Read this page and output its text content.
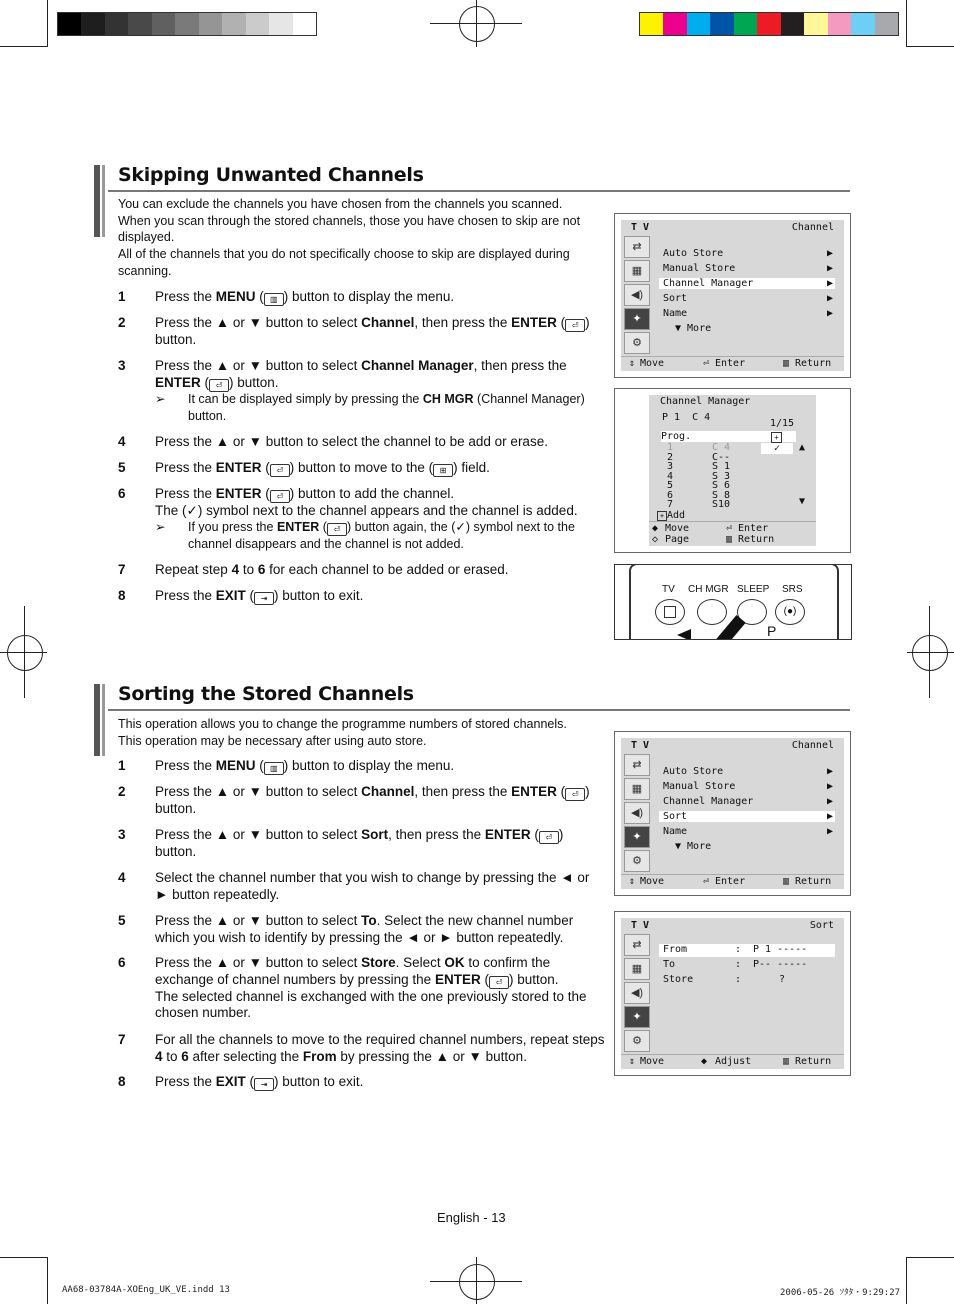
Skipping Unwanted Channels
You can exclude the channels you have chosen from the channels you scanned.
When you scan through the stored channels, those you have chosen to skip are not
displayed.
All of the channels that you do not specifically choose to skip are displayed during
scanning.
1 Press the MENU ( ▥ ) button to display the menu.
2 Press the ▲ or ▼ button to select Channel, then press the ENTER ( ⏎ )
button.
3 Press the ▲ or ▼ button to select Channel Manager, then press the
ENTER ( ⏎ ) button.
4 Press the ▲ or ▼ button to select the channel to be add or erase.
5 Press the ENTER ( ⏎ ) button to move to the ( ⊞ ) field.
6 Press the ENTER ( ⏎ ) button to add the channel.
The (✓) symbol next to the channel appears and the channel is added.
7 Repeat step 4 to 6 for each channel to be added or erased.
8 Press the EXIT ( ⇥ ) button to exit.
Sorting the Stored Channels
This operation allows you to change the programme numbers of stored channels.
This operation may be necessary after using auto store.
1 Press the MENU ( ▥ ) button to display the menu.
2 Press the ▲ or ▼ button to select Channel, then press the ENTER ( ⏎ )
button.
3 Press the ▲ or ▼ button to select Sort, then press the ENTER ( ⏎ )
button.
4 Select the channel number that you wish to change by pressing the ◄ or
► button repeatedly.
5 Press the ▲ or ▼ button to select To. Select the new channel number
which you wish to identify by pressing the ◄ or ► button repeatedly.
6 Press the ▲ or ▼ button to select Store. Select OK to confirm the
exchange of channel numbers by pressing the ENTER ( ⏎ ) button.
The selected channel is exchanged with the one previously stored to the
chosen number.
7 For all the channels to move to the required channel numbers, repeat steps
4 to 6 after selecting the From by pressing the ▲ or ▼ button.
8 Press the EXIT ( ⇥ ) button to exit.
T V	Channel
⇄
▦
◀)
✦
⚙
Auto Store	▶
Manual Store	▶
Channel Manager	▶
Sort	▶
Name	▶
▼ More
⇕ Move	⏎ Enter	▥ Return
Channel Manager
P 1  C 4
1/15
Prog.	+
✓	▲
▼
1	C 4
2	C--
3	S 1
4	S 3
5	S 6
6	S 8
7	S10
+ Add
◆ Move	⏎ Enter
◇ Page	▥ Return
TV CH MGR SLEEP SRS
(●)
P
T V	Channel
⇄
▦
◀)
✦
⚙
Auto Store	▶
Manual Store	▶
Channel Manager	▶
Sort	▶
Name	▶
▼ More
⇕ Move	⏎ Enter	▥ Return
T V	Sort
⇄
▦
◀)
✦
⚙
From	: P 1 -----
To	: P-- -----
Store	:	?
⇕ Move	◆ Adjust	▥ Return
English - 13
AA68-03784A-XOEng_UK_VE.indd 13	2006-05-26 ｿﾀﾀ・9:29:27
➢ It can be displayed simply by pressing the CH MGR (Channel Manager)
button.
➢ If you press the ENTER ( ⏎ ) button again, the (✓) symbol next to the
channel disappears and the channel is not added.
